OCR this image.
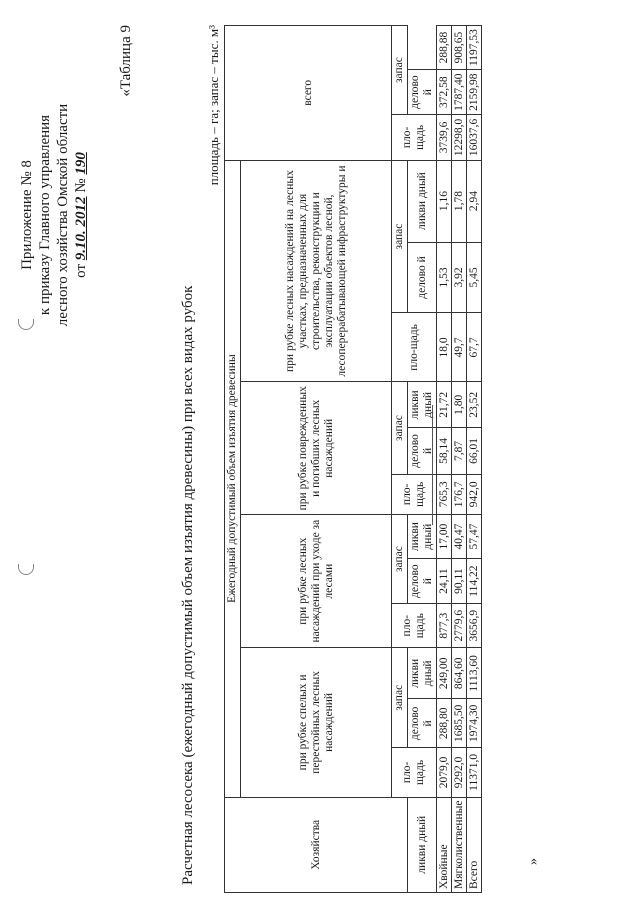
Приложение № 8 к приказу Главного управления лесного хозяйства Омской области от 9.10. 2012 № 190
«Таблица 9
Расчетная лесосека (ежегодный допустимый объем изъятия древесины) при всех видах рубок
площадь – га; запас – тыс. м³
Хозяйства	Ежегодный допустимый объем изъятия древесины												всего		
	при рубке спелых и перестойных лесных насаждений			при рубке лесных насаждений при уходе за лесами			при рубке поврежденных и погибших лесных насаждений			при рубке лесных насаждений на лесных участках, предназначенных для строительства, реконструкции и эксплуатации объектов лесной, лесоперерабатывающей инфраструктуры и					
	пло-щадь	запас		пло-щадь	запас		пло-щадь	запас		пло-щадь	запас		пло-щадь	запас	
ликви дный		делово й	ликви дный		делово й	ликви дный		делово й	ликви дный		делово й	ликви дный		делово й	
Хвойные	2079,0	288,80	249,00	877,3	24,11	17,00	765,3	58,14	21,72	18,0	1,53	1,16	3739,6	372,58	288,88
Мягколиственные	9292,0	1685,50	864,60	2779,6	90,11	40,47	176,7	7,87	1,80	49,7	3,92	1,78	12298,0	1787,40	908,65
Всего	11371,0	1974,30	1113,60	3656,9	114,22	57,47	942,0	66,01	23,52	67,7	5,45	2,94	16037,6	2159,98	1197,53
»
